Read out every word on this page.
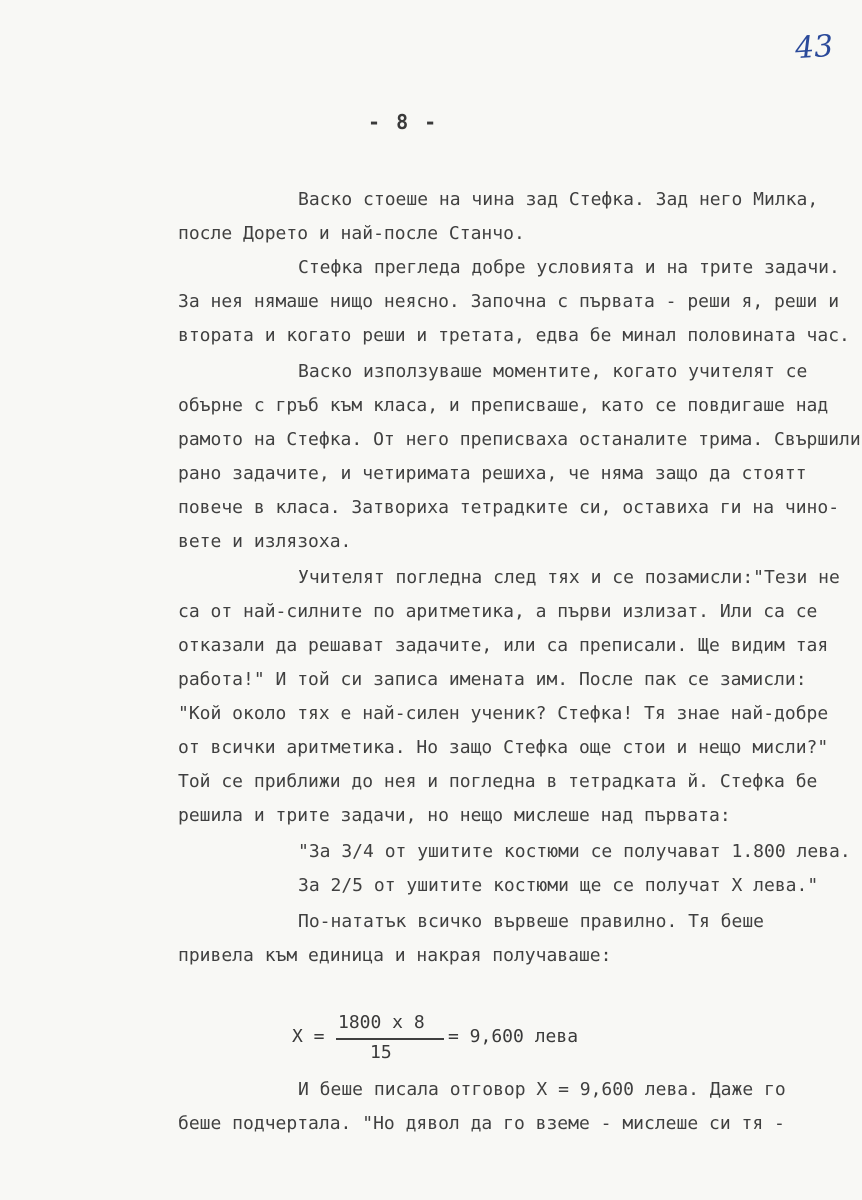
43
- 8 -
Васко стоеше на чина зад Стефка. Зад него Милка,
после Дорето и най-после Станчо.
Стефка прегледа добре условията и на трите задачи.
За нея нямаше нищо неясно. Започна с първата - реши я, реши и
втората и когато реши и третата, едва бе минал половината час.
Васко използуваше моментите, когато учителят се
обърне с гръб към класа, и преписваше, като се повдигаше над
рамото на Стефка. От него преписваха останалите трима. Свършили
рано задачите, и четиримата решиха, че няма защо да стоятт
повече в класа. Затвориха тетрадките си, оставиха ги на чино-
вете и излязоха.
Учителят погледна след тях и се позамисли:"Тези не
са от най-силните по аритметика, а първи излизат. Или са се
отказали да решават задачите, или са преписали. Ще видим тая
работа!" И той си записа имената им. После пак се замисли:
"Кой около тях е най-силен ученик? Стефка! Тя знае най-добре
от всички аритметика. Но защо Стефка още стои и нещо мисли?"
Той се приближи до нея и погледна в тетрадката й. Стефка бе
решила и трите задачи, но нещо мислеше над първата:
"За 3/4 от ушитите костюми се получават 1.800 лева.
За 2/5 от ушитите костюми ще се получат Х лева."
По-нататък всичко вървеше правилно. Тя беше
привела към единица и накрая получаваше:
Х =
1800 х 8
15
= 9,600 лева
И беше писала отговор Х = 9,600 лева. Даже го
беше подчертала. "Но дявол да го вземе - мислеше си тя -
